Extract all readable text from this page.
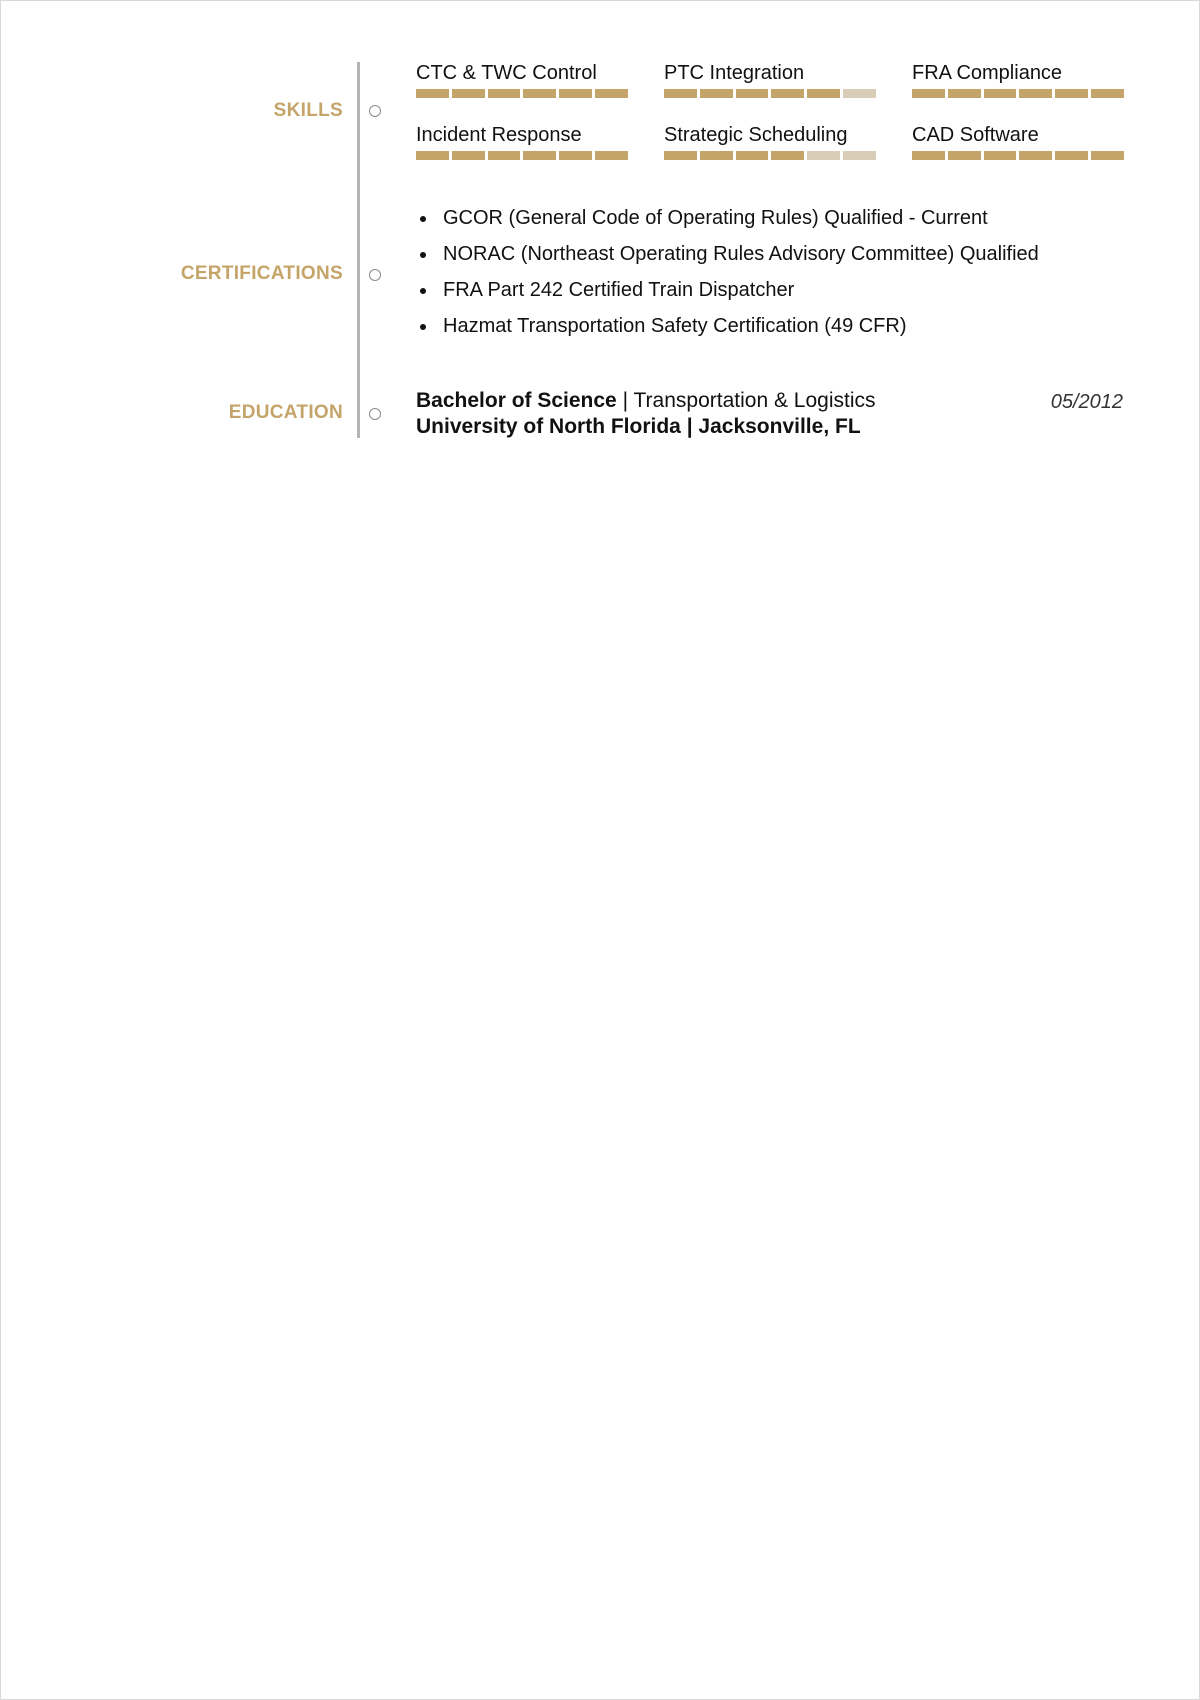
SKILLS
CTC & TWC Control	PTC Integration	FRA Compliance
Incident Response	Strategic Scheduling	CAD Software
CERTIFICATIONS
GCOR (General Code of Operating Rules) Qualified - Current
NORAC (Northeast Operating Rules Advisory Committee) Qualified
FRA Part 242 Certified Train Dispatcher
Hazmat Transportation Safety Certification (49 CFR)
EDUCATION
Bachelor of Science | Transportation & Logistics	05/2012
University of North Florida | Jacksonville, FL
